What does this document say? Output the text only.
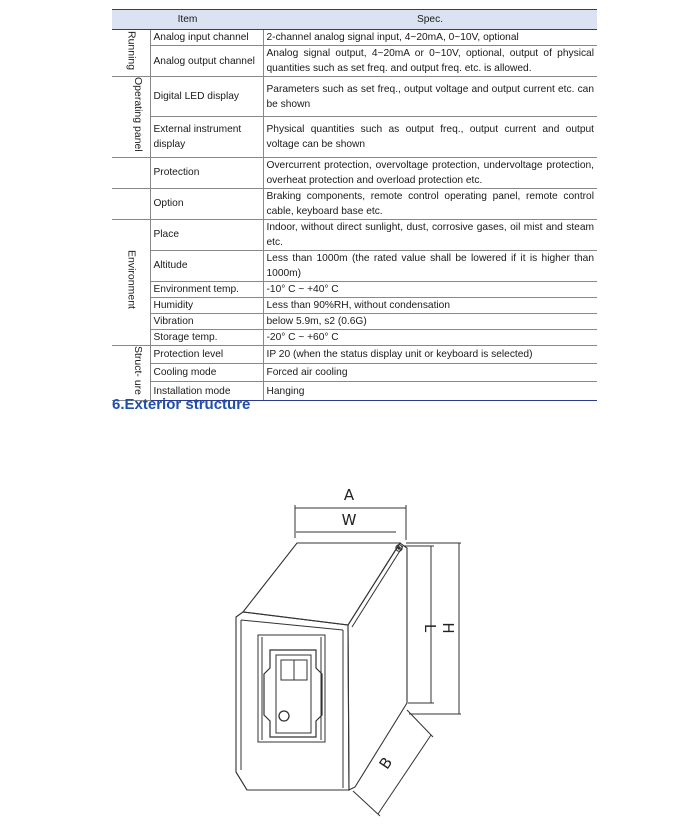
Item		Spec.
Running	Analog input channel	2-channel analog signal input, 4~20mA, 0~10V, optional
	Analog output channel	Analog signal output, 4~20mA or 0~10V, optional, output of physical quantities such as set freq. and output freq. etc. is allowed.
Operating panel	Digital LED display	Parameters such as set freq., output voltage and output current etc. can be shown
	External instrument display	Physical quantities such as output freq., output current and output voltage can be shown
	Protection	Overcurrent protection, overvoltage protection, undervoltage protection, overheat protection and overload protection etc.
	Option	Braking components, remote control operating panel, remote control cable, keyboard base etc.
Environment	Place	Indoor, without direct sunlight, dust, corrosive gases, oil mist and steam etc.
	Altitude	Less than 1000m (the rated value shall be lowered if it is higher than 1000m)
	Environment temp.	-10° C ~ +40° C
	Humidity	Less than 90%RH, without condensation
	Vibration	below 5.9m, s2 (0.6G)
	Storage temp.	-20° C ~ +60° C
Struct- ure	Protection level	IP 20 (when the status display unit or keyboard is selected)
	Cooling mode	Forced air cooling
	Installation mode	Hanging
6.Exterior structure
A
W
L H
B
